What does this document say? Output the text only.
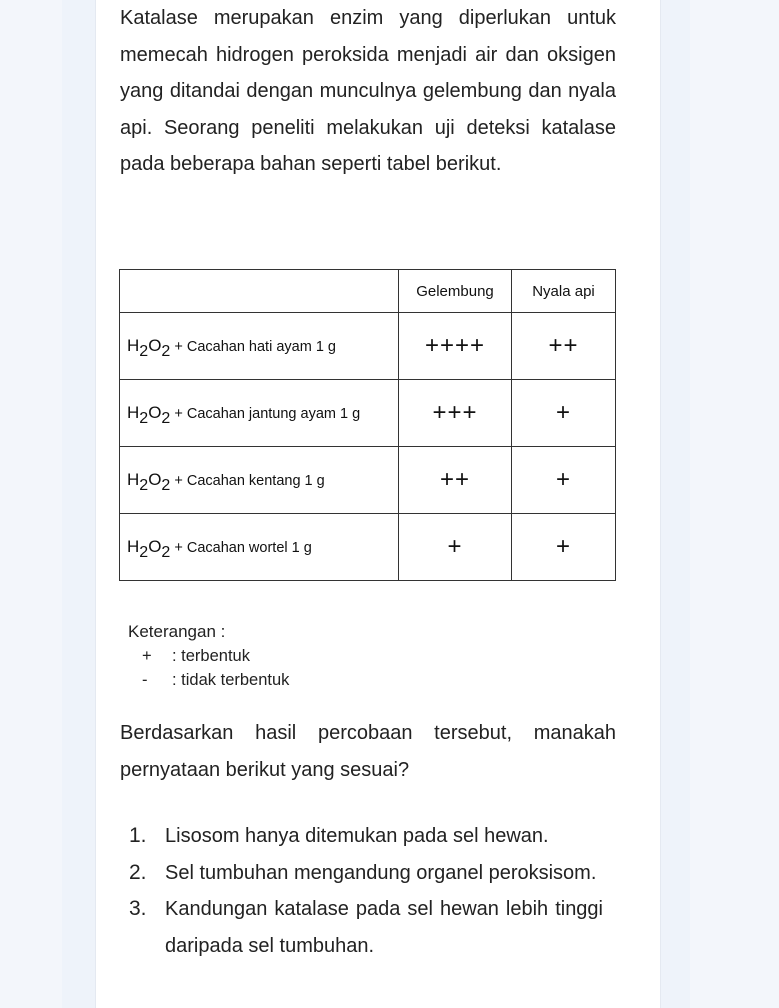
Katalase merupakan enzim yang diperlukan untuk memecah hidrogen peroksida menjadi air dan oksigen yang ditandai dengan munculnya gelembung dan nyala api. Seorang peneliti melakukan uji deteksi katalase pada beberapa bahan seperti tabel berikut.

	Gelembung	Nyala api
$H_2O_2$ + Cacahan hati ayam 1 g	++++	++
$H_2O_2$ + Cacahan jantung ayam 1 g	+++	+
$H_2O_2$ + Cacahan kentang 1 g	++	+
$H_2O_2$ + Cacahan wortel 1 g	+	+
Keterangan :
+	: terbentuk
-	: tidak terbentuk

Berdasarkan hasil percobaan tersebut, manakah pernyataan berikut yang sesuai?

1. Lisosom hanya ditemukan pada sel hewan.
2. Sel tumbuhan mengandung organel peroksisom.
3. Kandungan katalase pada sel hewan lebih tinggi daripada sel tumbuhan.
